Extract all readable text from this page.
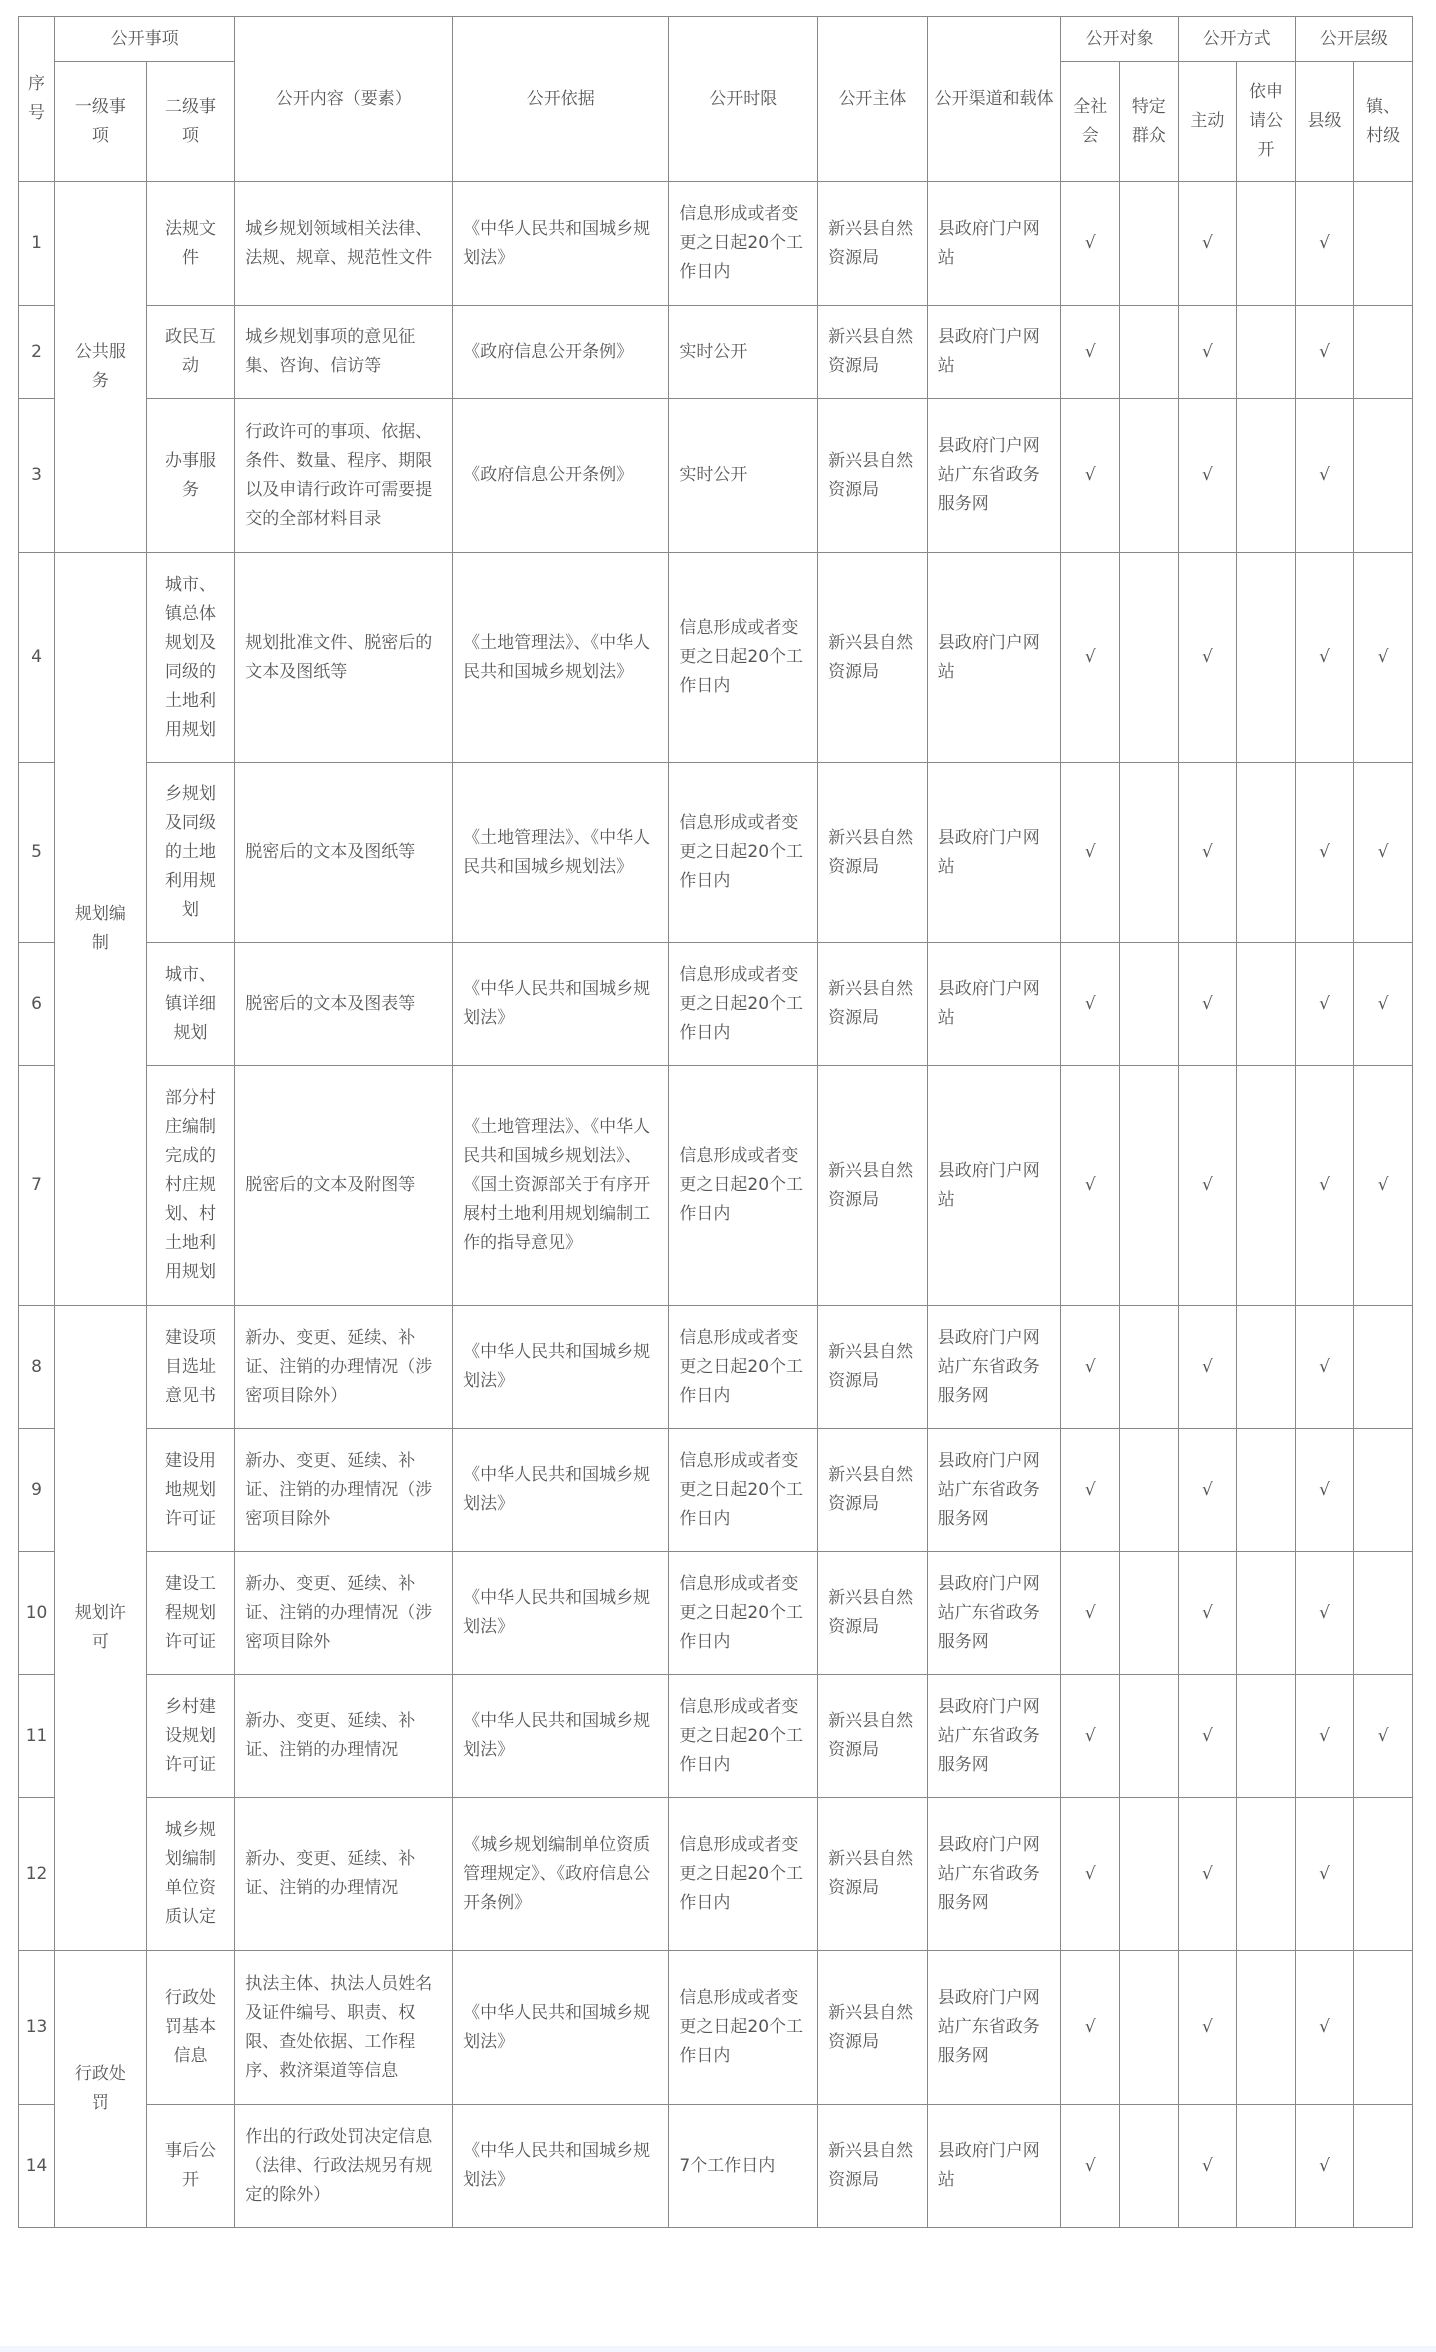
序号	公开事项		公开内容（要素）	公开依据	公开时限	公开主体	公开渠道和载体	公开对象		公开方式		公开层级	
	一级事项	二级事项						全社会	特定群众	主动	依申请公开	县级	镇、村级
1	公共服务	法规文件	城乡规划领域相关法律、法规、规章、规范性文件	《中华人民共和国城乡规划法》	信息形成或者变更之日起20个工作日内	新兴县自然资源局	县政府门户网站	√		√		√	
2		政民互动	城乡规划事项的意见征集、咨询、信访等	《政府信息公开条例》	实时公开	新兴县自然资源局	县政府门户网站	√		√		√	
3		办事服务	行政许可的事项、依据、条件、数量、程序、期限以及申请行政许可需要提交的全部材料目录	《政府信息公开条例》	实时公开	新兴县自然资源局	县政府门户网站广东省政务服务网	√		√		√	
4	规划编制	城市、镇总体规划及同级的土地利用规划	规划批准文件、脱密后的文本及图纸等	《土地管理法》、《中华人民共和国城乡规划法》	信息形成或者变更之日起20个工作日内	新兴县自然资源局	县政府门户网站	√		√		√	√
5		乡规划及同级的土地利用规划	脱密后的文本及图纸等	《土地管理法》、《中华人民共和国城乡规划法》	信息形成或者变更之日起20个工作日内	新兴县自然资源局	县政府门户网站	√		√		√	√
6		城市、镇详细规划	脱密后的文本及图表等	《中华人民共和国城乡规划法》	信息形成或者变更之日起20个工作日内	新兴县自然资源局	县政府门户网站	√		√		√	√
7		部分村庄编制完成的村庄规划、村土地利用规划	脱密后的文本及附图等	《土地管理法》、《中华人民共和国城乡规划法》、《国土资源部关于有序开展村土地利用规划编制工作的指导意见》	信息形成或者变更之日起20个工作日内	新兴县自然资源局	县政府门户网站	√		√		√	√
8	规划许可	建设项目选址意见书	新办、变更、延续、补证、注销的办理情况（涉密项目除外）	《中华人民共和国城乡规划法》	信息形成或者变更之日起20个工作日内	新兴县自然资源局	县政府门户网站广东省政务服务网	√		√		√	
9		建设用地规划许可证	新办、变更、延续、补证、注销的办理情况（涉密项目除外	《中华人民共和国城乡规划法》	信息形成或者变更之日起20个工作日内	新兴县自然资源局	县政府门户网站广东省政务服务网	√		√		√	
10		建设工程规划许可证	新办、变更、延续、补证、注销的办理情况（涉密项目除外	《中华人民共和国城乡规划法》	信息形成或者变更之日起20个工作日内	新兴县自然资源局	县政府门户网站广东省政务服务网	√		√		√	
11		乡村建设规划许可证	新办、变更、延续、补证、注销的办理情况	《中华人民共和国城乡规划法》	信息形成或者变更之日起20个工作日内	新兴县自然资源局	县政府门户网站广东省政务服务网	√		√		√	√
12		城乡规划编制单位资质认定	新办、变更、延续、补证、注销的办理情况	《城乡规划编制单位资质管理规定》、《政府信息公开条例》	信息形成或者变更之日起20个工作日内	新兴县自然资源局	县政府门户网站广东省政务服务网	√		√		√	
13	行政处罚	行政处罚基本信息	执法主体、执法人员姓名及证件编号、职责、权限、查处依据、工作程序、救济渠道等信息	《中华人民共和国城乡规划法》	信息形成或者变更之日起20个工作日内	新兴县自然资源局	县政府门户网站广东省政务服务网	√		√		√	
14		事后公开	作出的行政处罚决定信息（法律、行政法规另有规定的除外）	《中华人民共和国城乡规划法》	7个工作日内	新兴县自然资源局	县政府门户网站	√		√		√	
